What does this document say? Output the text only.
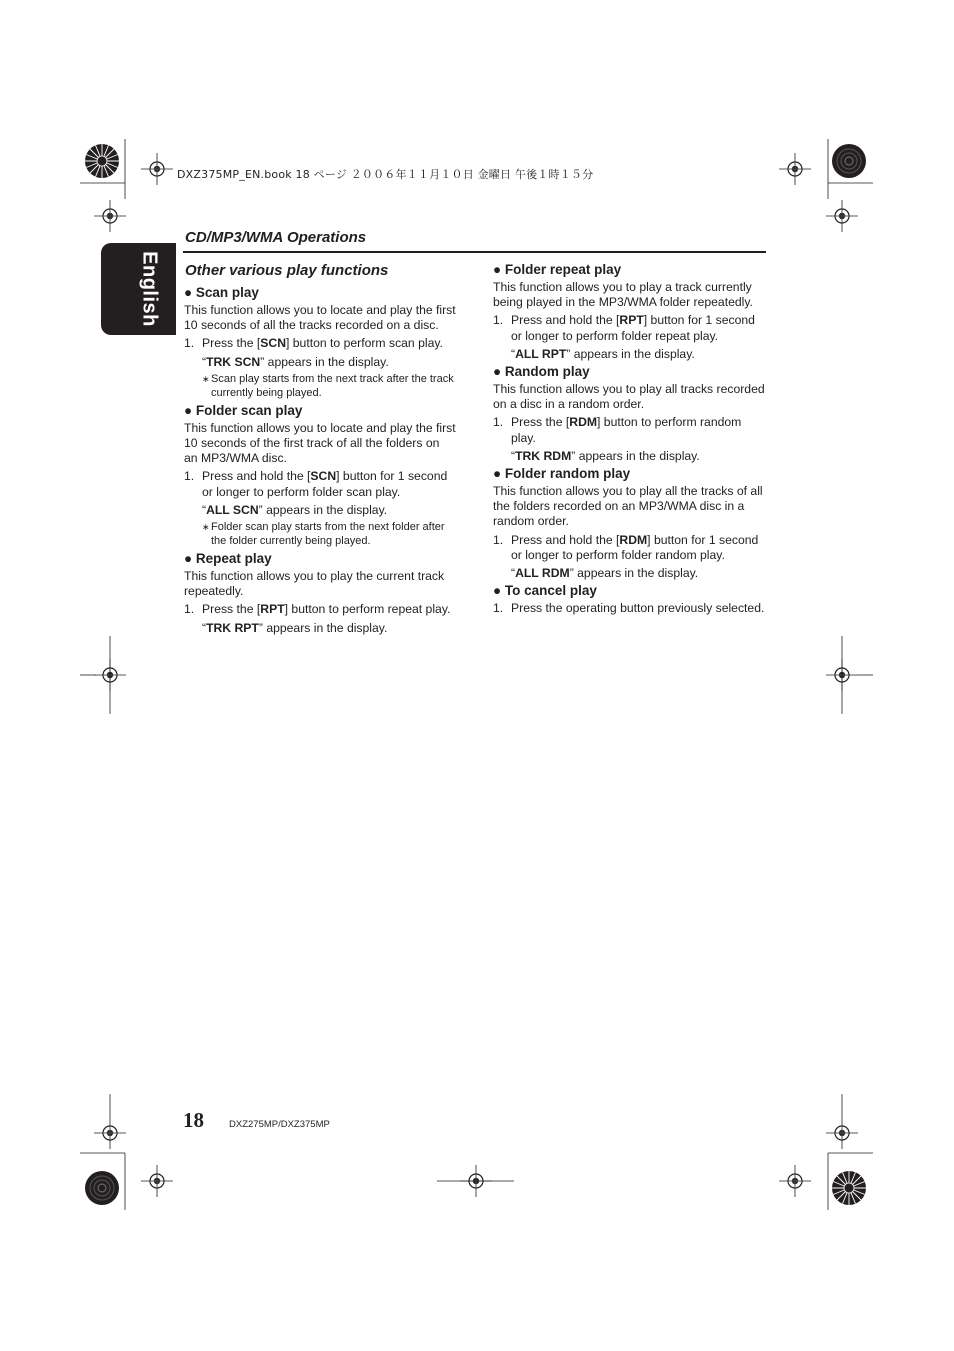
DXZ375MP_EN.book 18 ページ ２００６年１１月１０日 金曜日 午後１時１５分
English
CD/MP3/WMA Operations
Other various play functions
● Scan play
This function allows you to locate and play the first 10 seconds of all the tracks recorded on a disc.
1. Press the [SCN] button to perform scan play.
“TRK SCN” appears in the display.
∗ Scan play starts from the next track after the track currently being played.
● Folder scan play
This function allows you to locate and play the first 10 seconds of the first track of all the folders on an MP3/WMA disc.
1. Press and hold the [SCN] button for 1 second or longer to perform folder scan play.
“ALL SCN” appears in the display.
∗ Folder scan play starts from the next folder after the folder currently being played.
● Repeat play
This function allows you to play the current track repeatedly.
1. Press the [RPT] button to perform repeat play.
“TRK RPT” appears in the display.
● Folder repeat play
This function allows you to play a track currently being played in the MP3/WMA folder repeatedly.
1. Press and hold the [RPT] button for 1 second or longer to perform folder repeat play.
“ALL RPT” appears in the display.
● Random play
This function allows you to play all tracks recorded on a disc in a random order.
1. Press the [RDM] button to perform random play.
“TRK RDM” appears in the display.
● Folder random play
This function allows you to play all the tracks of all the folders recorded on an MP3/WMA disc in a random order.
1. Press and hold the [RDM] button for 1 second or longer to perform folder random play.
“ALL RDM” appears in the display.
● To cancel play
1. Press the operating button previously selected.
18	DXZ275MP/DXZ375MP
